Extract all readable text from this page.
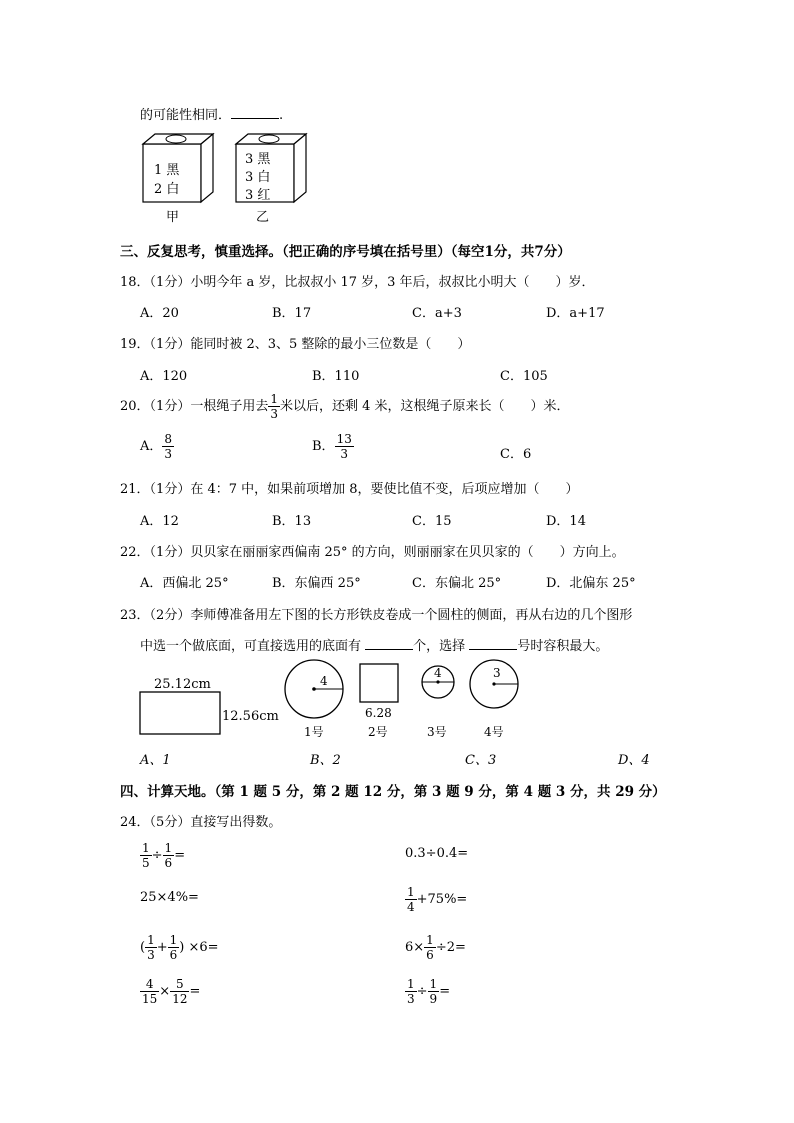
的可能性相同．	.
1 黑
2 白
甲
3 黑
3 白
3 红
乙
三、反复思考，慎重选择。（把正确的序号填在括号里）（每空1分，共7分）
18．（1分）小明今年 a 岁，比叔叔小 17 岁，3 年后，叔叔比小明大（　　）岁．
A．20	B．17	C．a+3	D．a+17
19．（1分）能同时被 2、3、5 整除的最小三位数是（　　）
A．120	B．110	C．105
20．（1分）一根绳子用去 $\frac{1}{3}$ 米以后，还剩 4 米，这根绳子原来长（　　）米．
A． $\frac{8}{3}$	B． $\frac{13}{3}$	C．6
21．（1分）在 4：7 中，如果前项增加 8，要使比值不变，后项应增加（　　）
A．12	B．13	C．15	D．14
22．（1分）贝贝家在丽丽家西偏南 25° 的方向，则丽丽家在贝贝家的（　　）方向上。
A．西偏北 25°	B．东偏西 25°	C．东偏北 25°	D．北偏东 25°
23．（2分）李师傅准备用左下图的长方形铁皮卷成一个圆柱的侧面，再从右边的几个图形
中选一个做底面，可直接选用的底面有	个，选择	号时容积最大。
25.12cm
12.56cm
4
1号
6.28
2号
4
3号
3
4号
A、1	B、2	C、3	D、4
四、计算天地。（第 1 题 5 分，第 2 题 12 分，第 3 题 9 分，第 4 题 3 分，共 29 分）
24．（5分）直接写出得数。
$\frac{1}{5} \div \frac{1}{6}$ =	0.3÷0.4=
25×4%=	$\frac{1}{4} +75\%=$
( $\frac{1}{3} + \frac{1}{6}$ ) ×6=	$6\times \frac{1}{6} \div 2=$
$\frac{4}{15} \times \frac{5}{12}$ =	$\frac{1}{3} \div \frac{1}{9}$ =
